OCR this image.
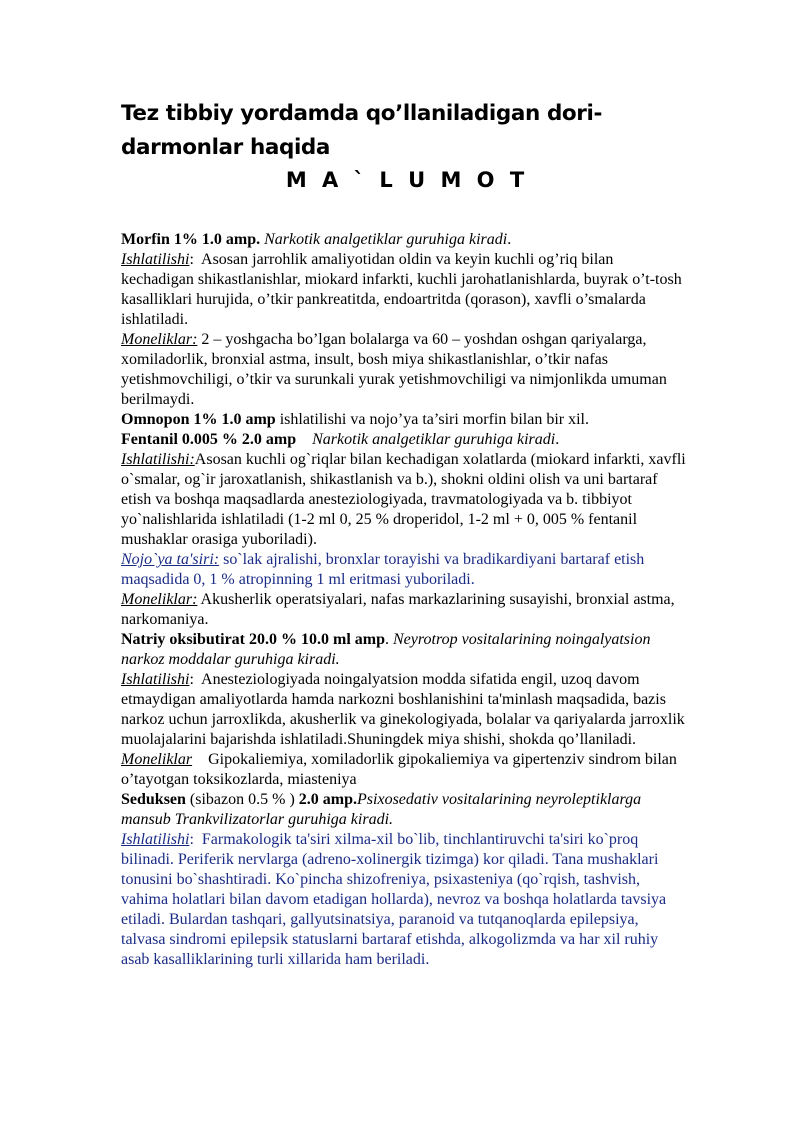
Tez tibbiy yordamda qo’llaniladigan dori-darmonlar haqida
M A ` L U M O T

Morfin 1% 1.0 amp. Narkotik analgetiklar guruhiga kiradi.

Ishlatilishi:  Asosan jarrohlik amaliyotidan oldin va keyin kuchli og’riq bilan kechadigan shikastlanishlar, miokard infarkti, kuchli jarohatlanishlarda, buyrak o’t-tosh kasalliklari hurujida, o’tkir pankreatitda, endoartritda (qorason), xavfli o’smalarda ishlatiladi.

Moneliklar: 2 – yoshgacha bo’lgan bolalarga va 60 – yoshdan oshgan qariyalarga, xomiladorlik, bronxial astma, insult, bosh miya shikastlanishlar, o’tkir nafas yetishmovchiligi, o’tkir va surunkali yurak yetishmovchiligi va nimjonlikda umuman berilmaydi.

Omnopon 1% 1.0 amp ishlatilishi va nojo’ya ta’siri morfin bilan bir xil.

Fentanil 0.005 % 2.0 amp Narkotik analgetiklar guruhiga kiradi.

Ishlatilishi:Asosan kuchli og`riqlar bilan kechadigan xolatlarda (miokard infarkti, xavfli o`smalar, og`ir jaroxatlanish, shikastlanish va b.), shokni oldini olish va uni bartaraf etish va boshqa maqsadlarda anesteziologiyada, travmatologiyada va b. tibbiyot yo`nalishlarida ishlatiladi (1-2 ml 0, 25 % droperidol, 1-2 ml + 0, 005 % fentanil mushaklar orasiga yuboriladi).

Nojo`ya ta'siri: so`lak ajralishi, bronxlar torayishi va bradikardiyani bartaraf etish maqsadida 0, 1 % atropinning 1 ml eritmasi yuboriladi.

Moneliklar: Akusherlik operatsiyalari, nafas markazlarining susayishi, bronxial astma, narkomaniya.

Natriy oksibutirat 20.0 % 10.0 ml amp. Neyrotrop vositalarining noingalyatsion narkoz moddalar guruhiga kiradi.

Ishlatilishi:  Anesteziologiyada noingalyatsion modda sifatida engil, uzoq davom etmaydigan amaliyotlarda hamda narkozni boshlanishini ta'minlash maqsadida, bazis narkoz uchun jarroxlikda, akusherlik va ginekologiyada, bolalar va qariyalarda jarroxlik muolajalarini bajarishda ishlatiladi.Shuningdek miya shishi, shokda qo’llaniladi.

Moneliklar Gipokaliemiya, xomiladorlik gipokaliemiya va gipertenziv sindrom bilan o’tayotgan toksikozlarda, miasteniya

Seduksen (sibazon 0.5 % ) 2.0 amp.Psixosedativ vositalarining neyroleptiklarga mansub Trankvilizatorlar guruhiga kiradi.

Ishlatilishi:  Farmakologik ta'siri xilma-xil bo`lib, tinchlantiruvchi ta'siri ko`proq bilinadi. Periferik nervlarga (adreno-xolinergik tizimga) kor qiladi. Tana mushaklari tonusini bo`shashtiradi. Ko`pincha shizofreniya, psixasteniya (qo`rqish, tashvish, vahima holatlari bilan davom etadigan hollarda), nevroz va boshqa holatlarda tavsiya etiladi. Bulardan tashqari, gallyutsinatsiya, paranoid va tutqanoqlarda epilepsiya, talvasa sindromi epilepsik statuslarni bartaraf etishda, alkogolizmda va har xil ruhiy asab kasalliklarining turli xillarida ham beriladi.
